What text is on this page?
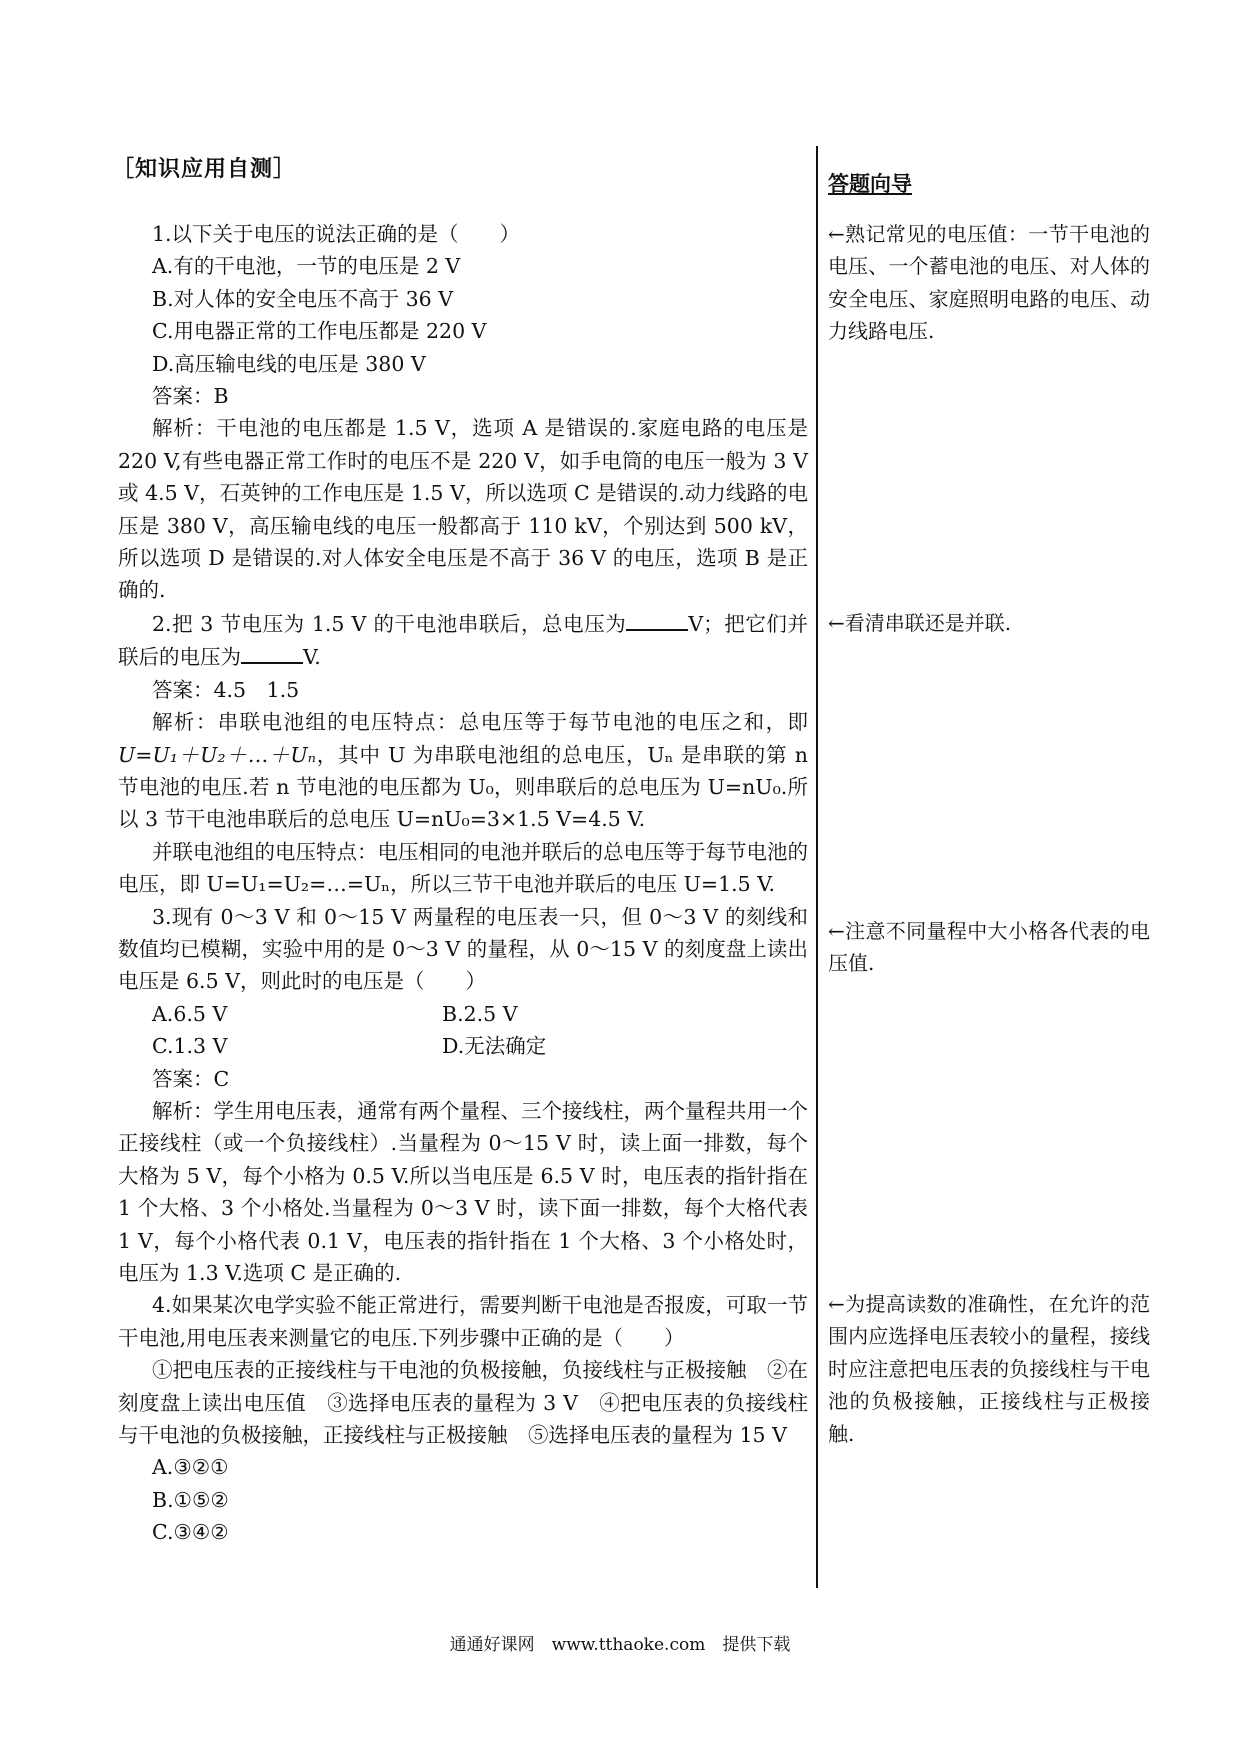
［知识应用自测］

1.以下关于电压的说法正确的是（　　）

A.有的干电池，一节的电压是 2 V

B.对人体的安全电压不高于 36 V

C.用电器正常的工作电压都是 220 V

D.高压输电线的电压是 380 V

答案：B

解析：干电池的电压都是 1.5 V，选项 A 是错误的.家庭电路的电压是 220 V,有些电器正常工作时的电压不是 220 V，如手电筒的电压一般为 3 V 或 4.5 V，石英钟的工作电压是 1.5 V，所以选项 C 是错误的.动力线路的电压是 380 V，高压输电线的电压一般都高于 110 kV，个别达到 500 kV，所以选项 D 是错误的.对人体安全电压是不高于 36 V 的电压，选项 B 是正确的.

2.把 3 节电压为 1.5 V 的干电池串联后，总电压为	V；把它们并联后的电压为	V.

答案：4.5　1.5

解析：串联电池组的电压特点：总电压等于每节电池的电压之和，即 U=U₁＋U₂＋…＋Uₙ，其中 U 为串联电池组的总电压，Uₙ 是串联的第 n 节电池的电压.若 n 节电池的电压都为 U₀，则串联后的总电压为 U=nU₀.所以 3 节干电池串联后的总电压 U=nU₀=3×1.5 V=4.5 V.

并联电池组的电压特点：电压相同的电池并联后的总电压等于每节电池的电压，即 U=U₁=U₂=…=Uₙ，所以三节干电池并联后的电压 U=1.5 V.

3.现有 0～3 V 和 0～15 V 两量程的电压表一只，但 0～3 V 的刻线和数值均已模糊，实验中用的是 0～3 V 的量程，从 0～15 V 的刻度盘上读出电压是 6.5 V，则此时的电压是（　　）

A.6.5 V	B.2.5 V
C.1.3 V	D.无法确定

答案：C

解析：学生用电压表，通常有两个量程、三个接线柱，两个量程共用一个正接线柱（或一个负接线柱）.当量程为 0～15 V 时，读上面一排数，每个大格为 5 V，每个小格为 0.5 V.所以当电压是 6.5 V 时，电压表的指针指在 1 个大格、3 个小格处.当量程为 0～3 V 时，读下面一排数，每个大格代表 1 V，每个小格代表 0.1 V，电压表的指针指在 1 个大格、3 个小格处时，电压为 1.3 V.选项 C 是正确的.

4.如果某次电学实验不能正常进行，需要判断干电池是否报废，可取一节干电池,用电压表来测量它的电压.下列步骤中正确的是（　　）

①把电压表的正接线柱与干电池的负极接触，负接线柱与正极接触　②在刻度盘上读出电压值　③选择电压表的量程为 3 V　④把电压表的负接线柱与干电池的负极接触，正接线柱与正极接触　⑤选择电压表的量程为 15 V

A.③②①

B.①⑤②

C.③④②

答题向导
←熟记常见的电压值：一节干电池的电压、一个蓄电池的电压、对人体的安全电压、家庭照明电路的电压、动力线路电压.
←看清串联还是并联.
←注意不同量程中大小格各代表的电压值.
←为提高读数的准确性，在允许的范围内应选择电压表较小的量程，接线时应注意把电压表的负接线柱与干电池的负极接触，正接线柱与正极接触.
通通好课网　www.tthaoke.com　提供下载
